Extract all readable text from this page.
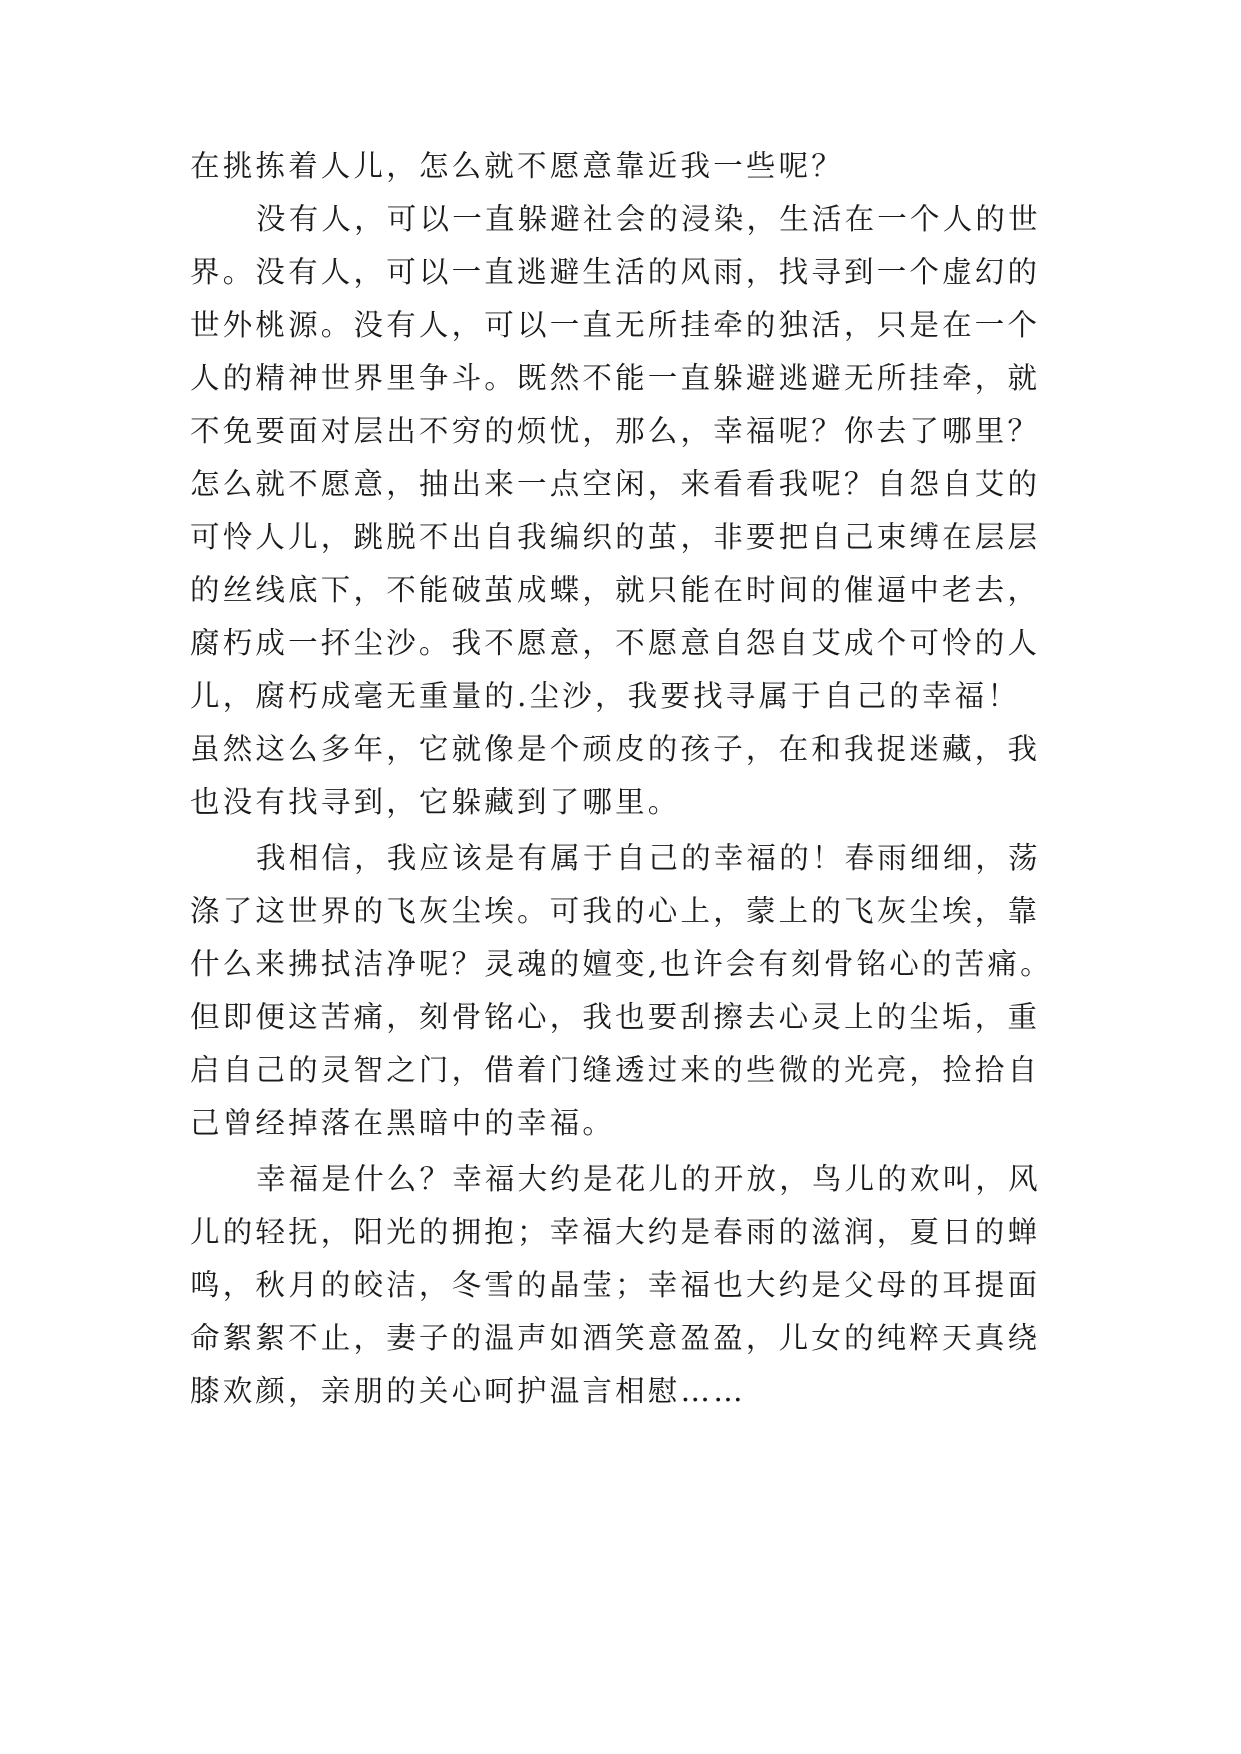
在挑拣着人儿，怎么就不愿意靠近我一些呢？
没有人，可以一直躲避社会的浸染，生活在一个人的世
界。没有人，可以一直逃避生活的风雨，找寻到一个虚幻的
世外桃源。没有人，可以一直无所挂牵的独活，只是在一个
人的精神世界里争斗。既然不能一直躲避逃避无所挂牵，就
不免要面对层出不穷的烦忧，那么，幸福呢？你去了哪里？
怎么就不愿意，抽出来一点空闲，来看看我呢？自怨自艾的
可怜人儿，跳脱不出自我编织的茧，非要把自己束缚在层层
的丝线底下，不能破茧成蝶，就只能在时间的催逼中老去，
腐朽成一抔尘沙。我不愿意，不愿意自怨自艾成个可怜的人
儿，腐朽成毫无重量的.尘沙，我要找寻属于自己的幸福！
虽然这么多年，它就像是个顽皮的孩子，在和我捉迷藏，我
也没有找寻到，它躲藏到了哪里。
我相信，我应该是有属于自己的幸福的！春雨细细，荡
涤了这世界的飞灰尘埃。可我的心上，蒙上的飞灰尘埃，靠
什么来拂拭洁净呢？灵魂的嬗变,也许会有刻骨铭心的苦痛。
但即便这苦痛，刻骨铭心，我也要刮擦去心灵上的尘垢，重
启自己的灵智之门，借着门缝透过来的些微的光亮，捡拾自
己曾经掉落在黑暗中的幸福。
幸福是什么？幸福大约是花儿的开放，鸟儿的欢叫，风
儿的轻抚，阳光的拥抱；幸福大约是春雨的滋润，夏日的蝉
鸣，秋月的皎洁，冬雪的晶莹；幸福也大约是父母的耳提面
命絮絮不止，妻子的温声如酒笑意盈盈，儿女的纯粹天真绕
膝欢颜，亲朋的关心呵护温言相慰……
